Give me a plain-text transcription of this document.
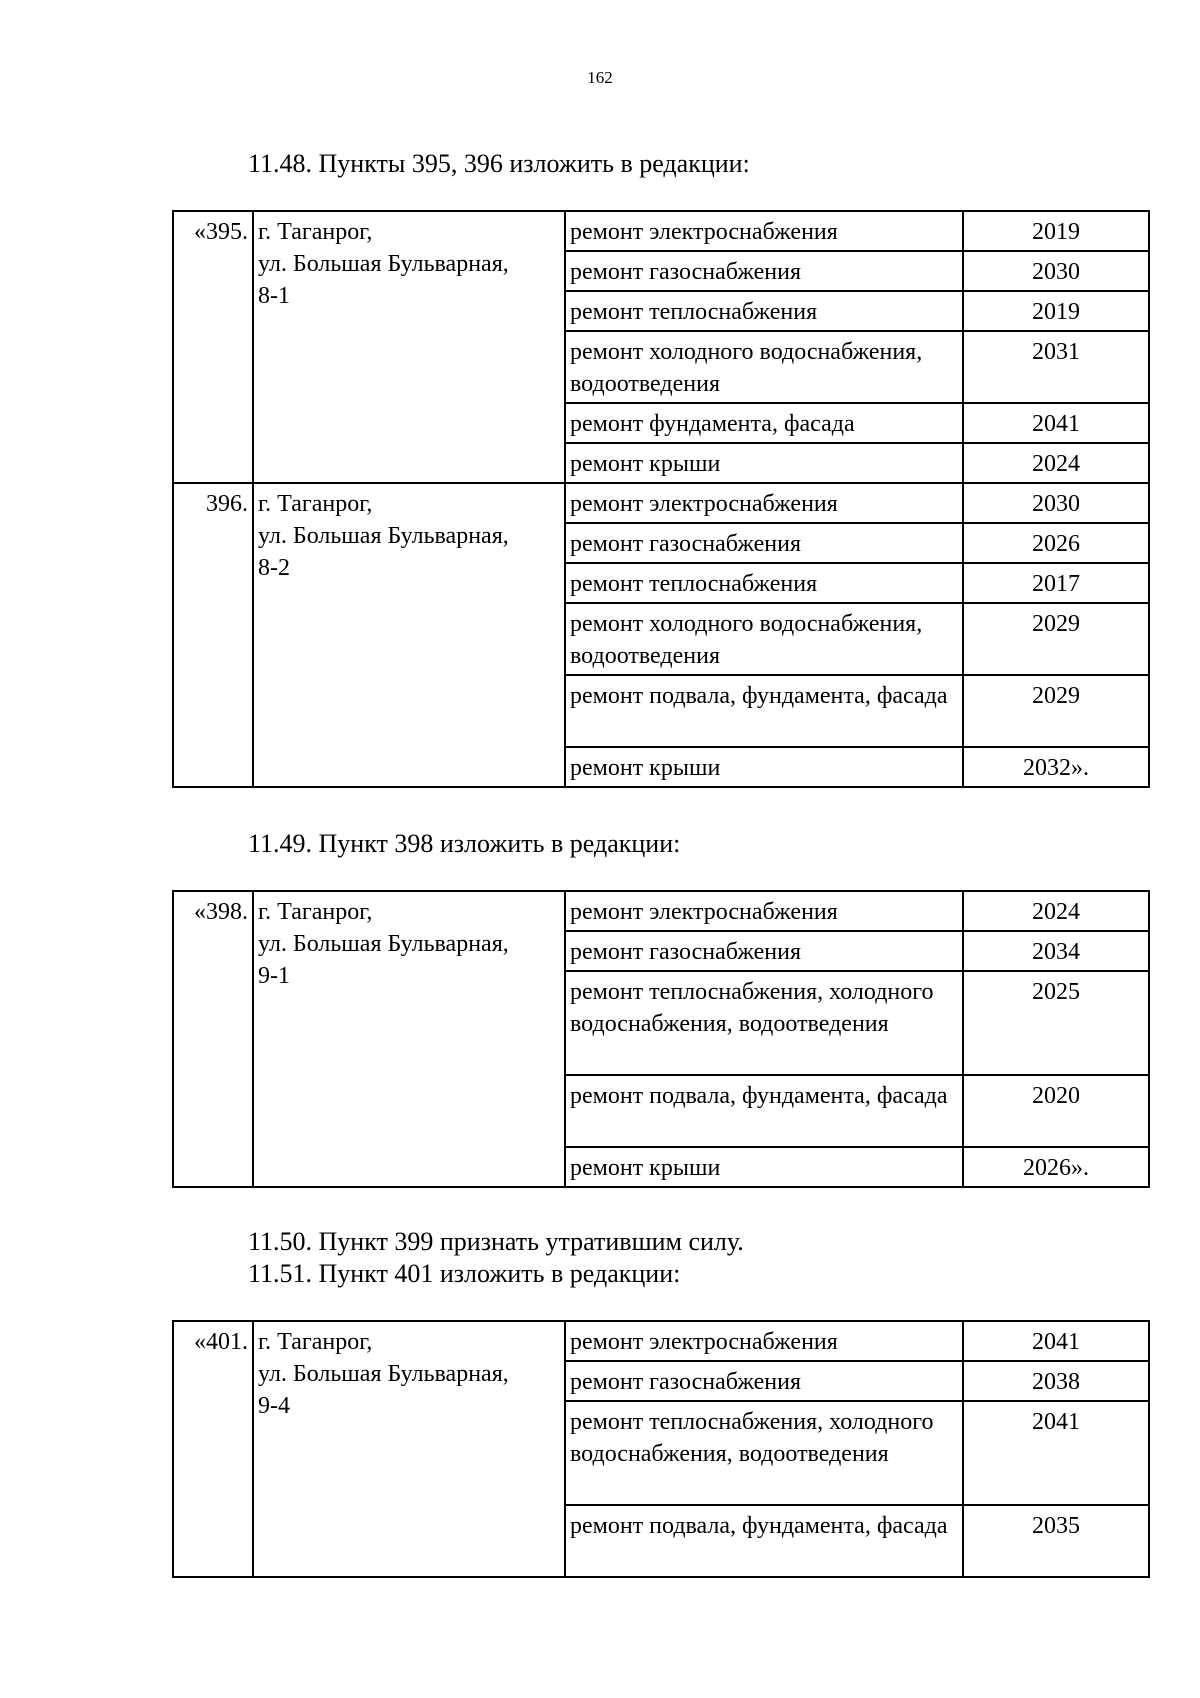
162
11.48. Пункты 395, 396 изложить в редакции:
«395.	г. Таганрог,
ул. Большая Бульварная,
8-1	ремонт электроснабжения	2019
		ремонт газоснабжения	2030
		ремонт теплоснабжения	2019
		ремонт холодного водоснабжения, водоотведения	2031
		ремонт фундамента, фасада	2041
		ремонт крыши	2024
396.	г. Таганрог,
ул. Большая Бульварная,
8-2	ремонт электроснабжения	2030
		ремонт газоснабжения	2026
		ремонт теплоснабжения	2017
		ремонт холодного водоснабжения, водоотведения	2029
		ремонт подвала, фундамента, фасада	2029
		ремонт крыши	2032».
11.49. Пункт 398 изложить в редакции:
«398.	г. Таганрог,
ул. Большая Бульварная,
9-1	ремонт электроснабжения	2024
		ремонт газоснабжения	2034
		ремонт теплоснабжения, холодного водоснабжения, водоотведения	2025
		ремонт подвала, фундамента, фасада	2020
		ремонт крыши	2026».
11.50. Пункт 399 признать утратившим силу.
11.51. Пункт 401 изложить в редакции:
«401.	г. Таганрог,
ул. Большая Бульварная,
9-4	ремонт электроснабжения	2041
		ремонт газоснабжения	2038
		ремонт теплоснабжения, холодного водоснабжения, водоотведения	2041
		ремонт подвала, фундамента, фасада	2035
